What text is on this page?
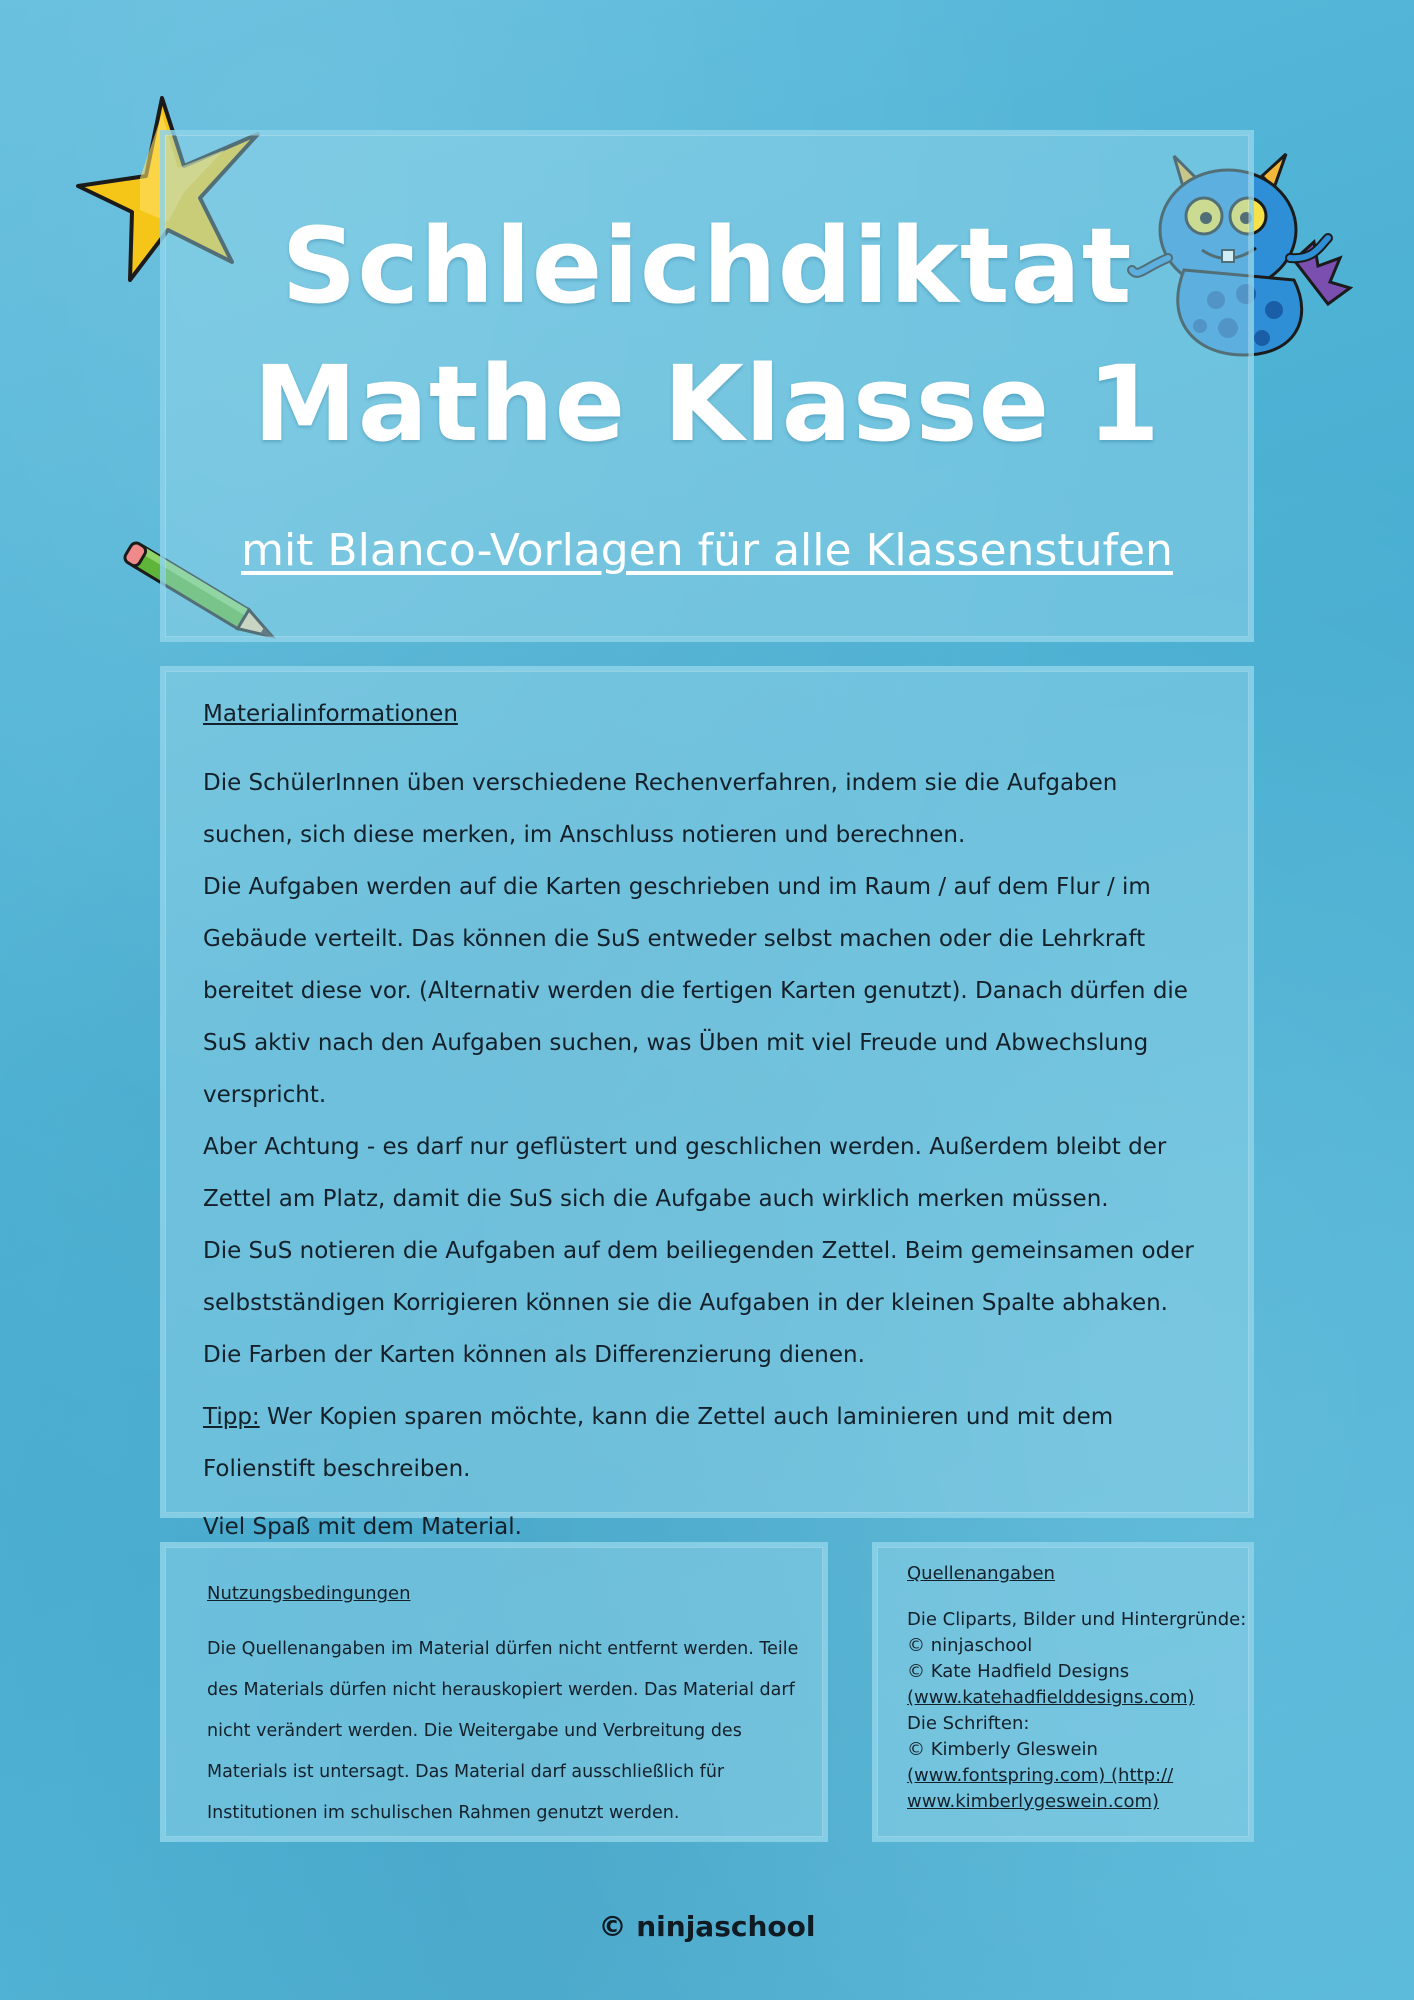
Schleichdiktat
Mathe Klasse 1
mit Blanco-Vorlagen für alle Klassenstufen
Materialinformationen

Die SchülerInnen üben verschiedene Rechenverfahren, indem sie die Aufgaben suchen, sich diese merken, im Anschluss notieren und berechnen.

Die Aufgaben werden auf die Karten geschrieben und im Raum / auf dem Flur / im Gebäude verteilt. Das können die SuS entweder selbst machen oder die Lehrkraft bereitet diese vor. (Alternativ werden die fertigen Karten genutzt). Danach dürfen die SuS aktiv nach den Aufgaben suchen, was Üben mit viel Freude und Abwechslung verspricht.

Aber Achtung - es darf nur geflüstert und geschlichen werden. Außerdem bleibt der Zettel am Platz, damit die SuS sich die Aufgabe auch wirklich merken müssen.

Die SuS notieren die Aufgaben auf dem beiliegenden Zettel. Beim gemeinsamen oder selbstständigen Korrigieren können sie die Aufgaben in der kleinen Spalte abhaken. Die Farben der Karten können als Differenzierung dienen.

Tipp: Wer Kopien sparen möchte, kann die Zettel auch laminieren und mit dem Folienstift beschreiben.

Viel Spaß mit dem Material.

Nutzungsbedingungen
Die Quellenangaben im Material dürfen nicht entfernt werden. Teile des Materials dürfen nicht herauskopiert werden. Das Material darf nicht verändert werden. Die Weitergabe und Verbreitung des Materials ist untersagt. Das Material darf ausschließlich für Institutionen im schulischen Rahmen genutzt werden.
Quellenangaben
Die Cliparts, Bilder und Hintergründe:
© ninjaschool
© Kate Hadfield Designs
(www.katehadfielddesigns.com)
Die Schriften:
© Kimberly Gleswein
(www.fontspring.com) (http://
www.kimberlygeswein.com)
© ninjaschool
